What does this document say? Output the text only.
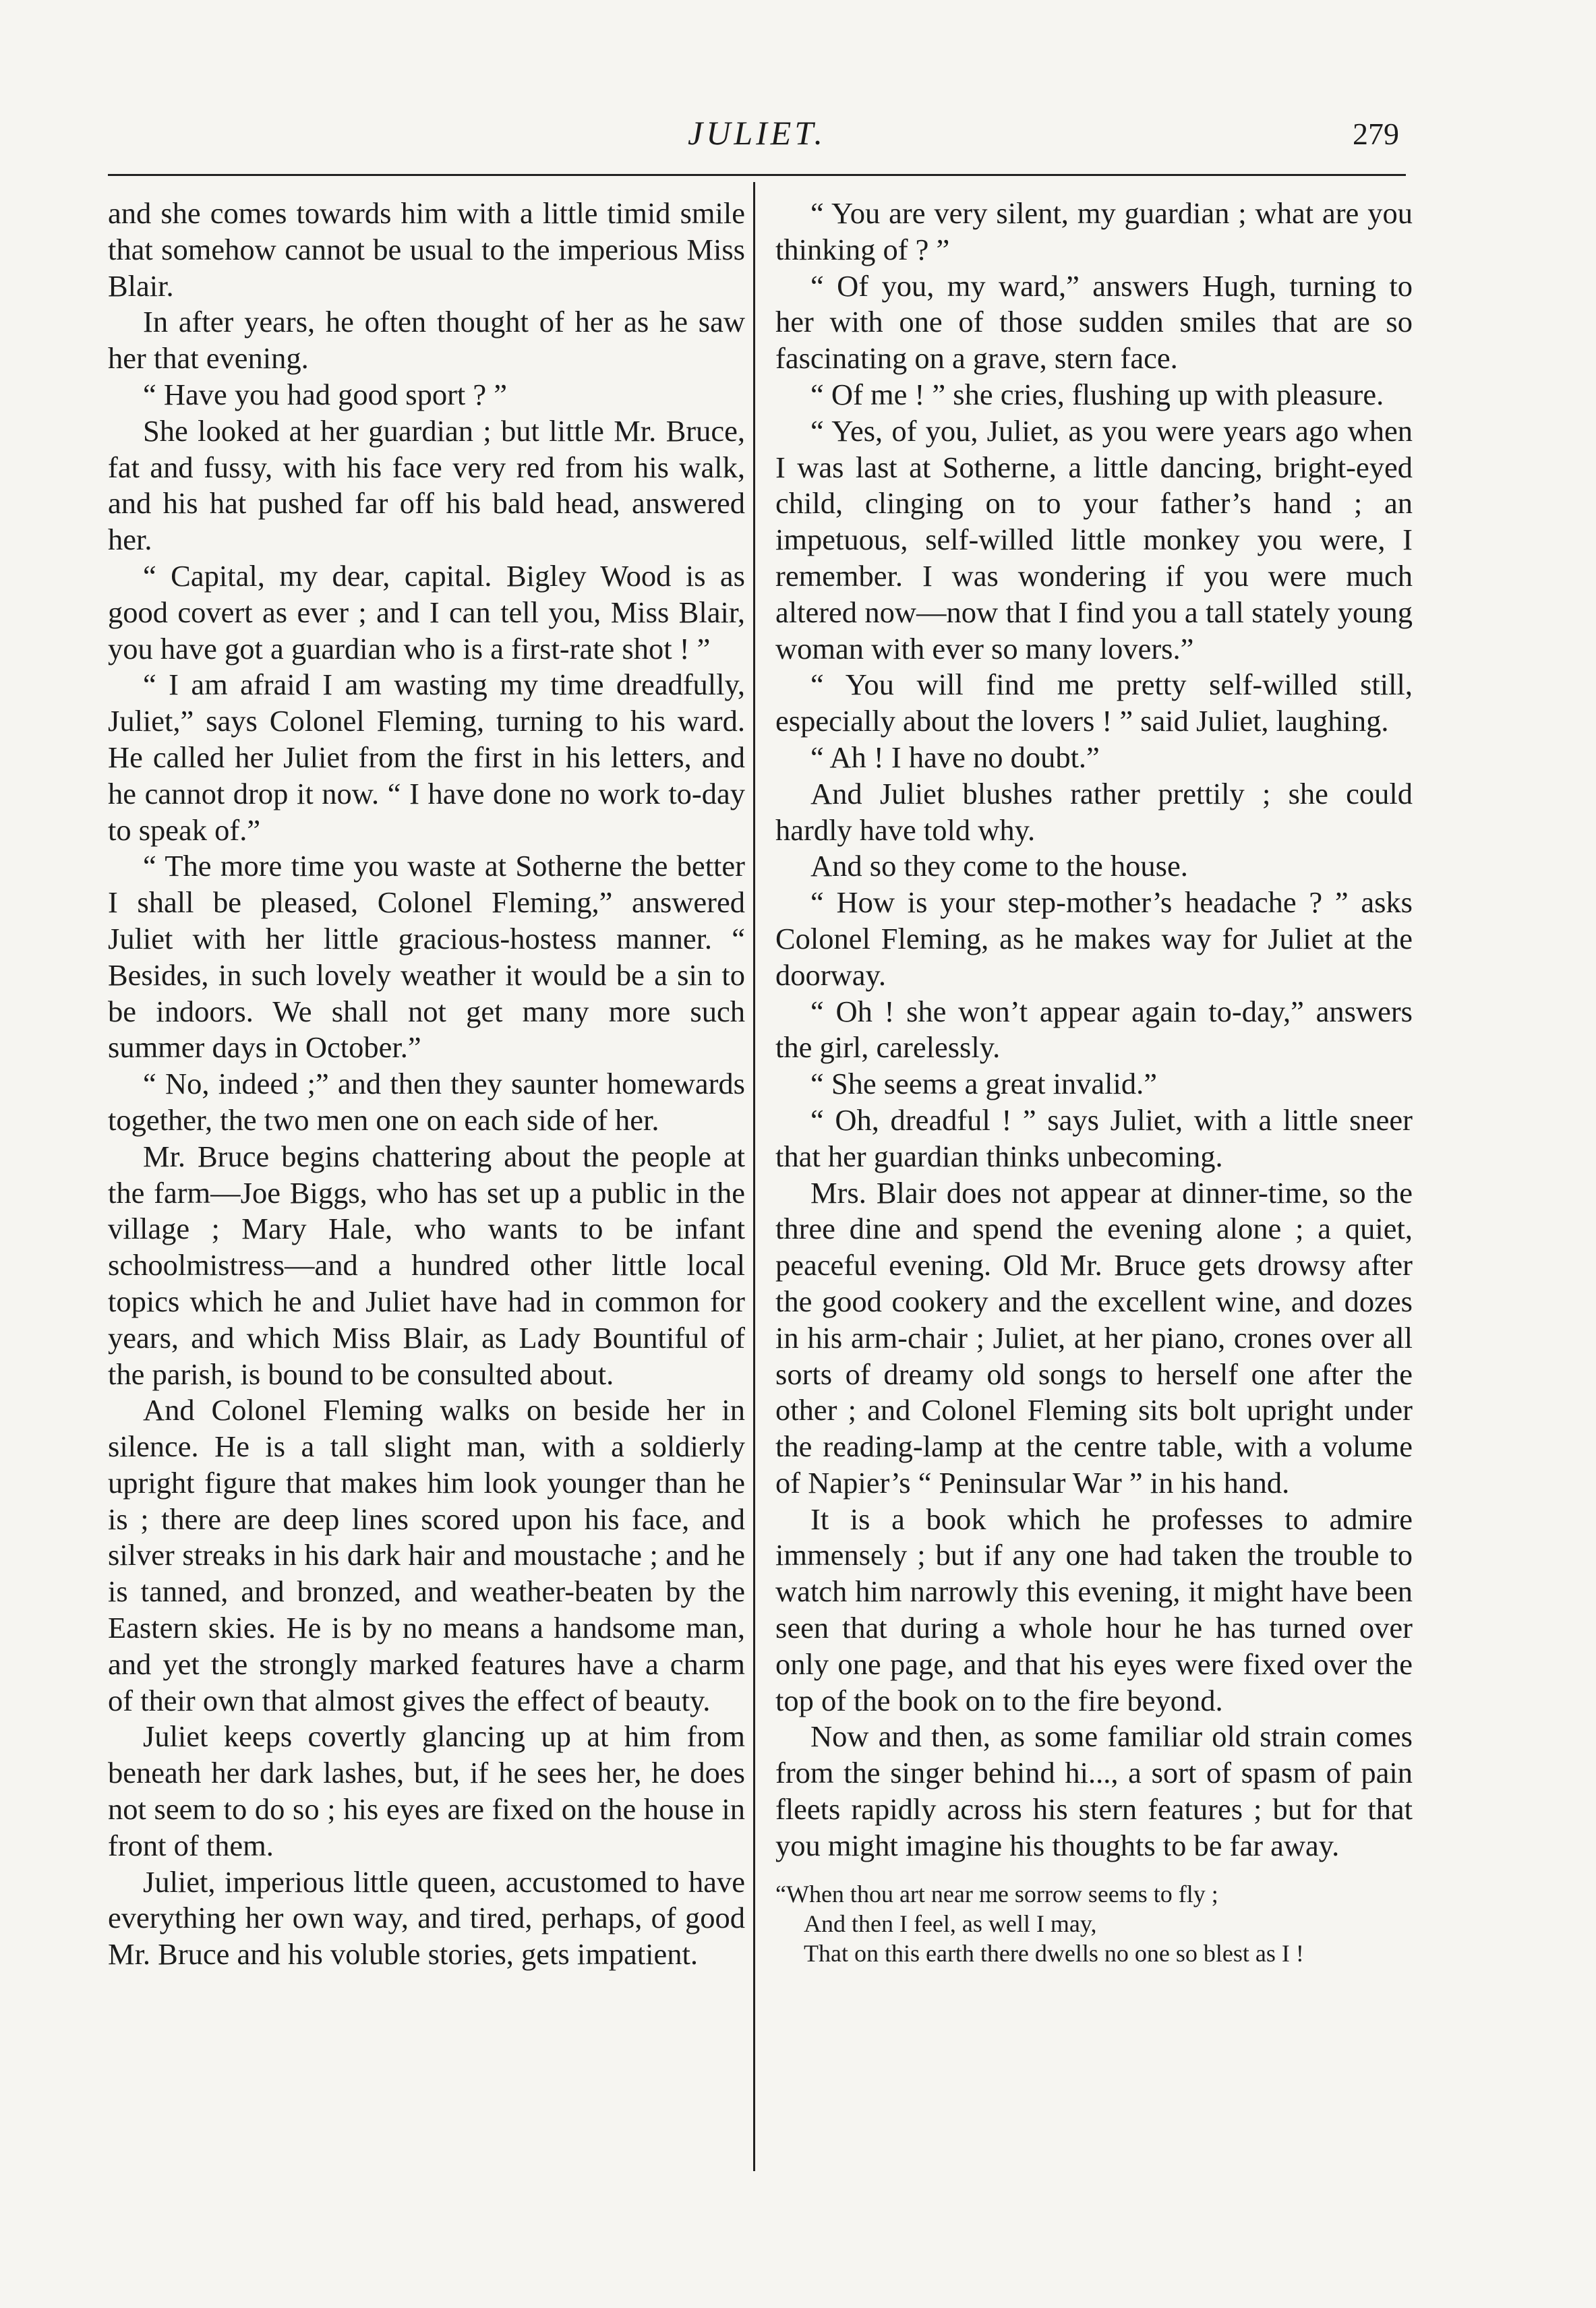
JULIET.	279

and she comes towards him with a little timid smile that somehow cannot be usual to the imperious Miss Blair.

In after years, he often thought of her as he saw her that evening.

“ Have you had good sport ? ”

She looked at her guardian ; but little Mr. Bruce, fat and fussy, with his face very red from his walk, and his hat pushed far off his bald head, answered her.

“ Capital, my dear, capital. Bigley Wood is as good covert as ever ; and I can tell you, Miss Blair, you have got a guardian who is a first-rate shot ! ”

“ I am afraid I am wasting my time dreadfully, Juliet,” says Colonel Fleming, turning to his ward. He called her Juliet from the first in his letters, and he cannot drop it now. “ I have done no work to-day to speak of.”

“ The more time you waste at Sotherne the better I shall be pleased, Colonel Fleming,” answered Juliet with her little gracious-hostess manner. “ Besides, in such lovely weather it would be a sin to be indoors. We shall not get many more such summer days in October.”

“ No, indeed ;” and then they saunter homewards together, the two men one on each side of her.

Mr. Bruce begins chattering about the people at the farm—Joe Biggs, who has set up a public in the village ; Mary Hale, who wants to be infant schoolmistress—and a hundred other little local topics which he and Juliet have had in common for years, and which Miss Blair, as Lady Bountiful of the parish, is bound to be consulted about.

And Colonel Fleming walks on beside her in silence. He is a tall slight man, with a soldierly upright figure that makes him look younger than he is ; there are deep lines scored upon his face, and silver streaks in his dark hair and moustache ; and he is tanned, and bronzed, and weather-beaten by the Eastern skies. He is by no means a handsome man, and yet the strongly marked features have a charm of their own that almost gives the effect of beauty.

Juliet keeps covertly glancing up at him from beneath her dark lashes, but, if he sees her, he does not seem to do so ; his eyes are fixed on the house in front of them.

Juliet, imperious little queen, accustomed to have everything her own way, and tired, perhaps, of good Mr. Bruce and his voluble stories, gets impatient.

“ You are very silent, my guardian ; what are you thinking of ? ”

“ Of you, my ward,” answers Hugh, turning to her with one of those sudden smiles that are so fascinating on a grave, stern face.

“ Of me ! ” she cries, flushing up with pleasure.

“ Yes, of you, Juliet, as you were years ago when I was last at Sotherne, a little dancing, bright-eyed child, clinging on to your father’s hand ; an impetuous, self-willed little monkey you were, I remember. I was wondering if you were much altered now—now that I find you a tall stately young woman with ever so many lovers.”

“ You will find me pretty self-willed still, especially about the lovers ! ” said Juliet, laughing.

“ Ah ! I have no doubt.”

And Juliet blushes rather prettily ; she could hardly have told why.

And so they come to the house.

“ How is your step-mother’s headache ? ” asks Colonel Fleming, as he makes way for Juliet at the doorway.

“ Oh ! she won’t appear again to-day,” answers the girl, carelessly.

“ She seems a great invalid.”

“ Oh, dreadful ! ” says Juliet, with a little sneer that her guardian thinks unbecoming.

Mrs. Blair does not appear at dinner-time, so the three dine and spend the evening alone ; a quiet, peaceful evening. Old Mr. Bruce gets drowsy after the good cookery and the excellent wine, and dozes in his arm-chair ; Juliet, at her piano, crones over all sorts of dreamy old songs to herself one after the other ; and Colonel Fleming sits bolt upright under the reading-lamp at the centre table, with a volume of Napier’s “ Peninsular War ” in his hand.

It is a book which he professes to admire immensely ; but if any one had taken the trouble to watch him narrowly this evening, it might have been seen that during a whole hour he has turned over only one page, and that his eyes were fixed over the top of the book on to the fire beyond.

Now and then, as some familiar old strain comes from the singer behind hi..., a sort of spasm of pain fleets rapidly across his stern features ; but for that you might imagine his thoughts to be far away.

“When thou art near me sorrow seems to fly ;
And then I feel, as well I may,
That on this earth there dwells no one so blest as I !
